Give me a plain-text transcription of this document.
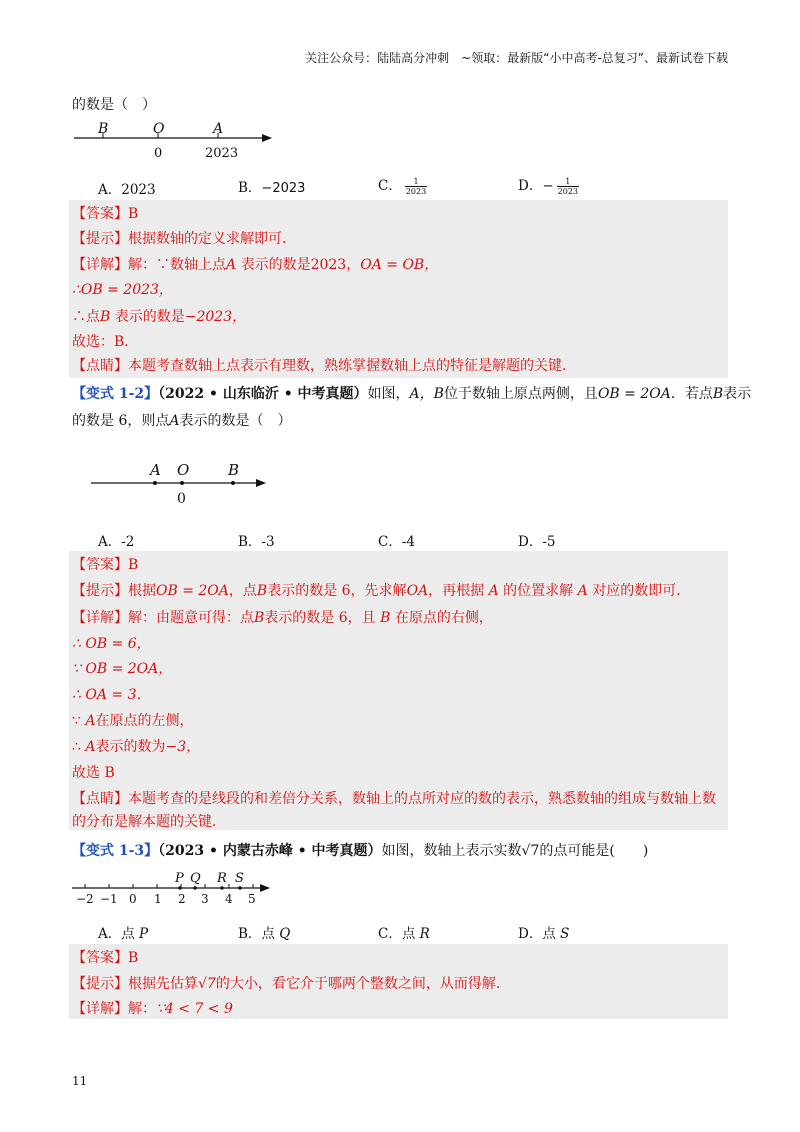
关注公众号：陆陆高分冲刺　~领取：最新版“小中高考-总复习”、最新试卷下载
的数是（　）
B	O	A
0	2023
A．2023	B．−2023	C． $\frac{1}{2023}$	D．− $\frac{1}{2023}$
【答案】B
【提示】根据数轴的定义求解即可.
【详解】解：∵数轴上点A 表示的数是2023，OA = OB，
∴OB = 2023，
∴点B 表示的数是−2023，
故选：B．
【点睛】本题考查数轴上点表示有理数，熟练掌握数轴上点的特征是解题的关键．
【变式 1-2】（2022 • 山东临沂 • 中考真题）如图，A，B位于数轴上原点两侧，且OB = 2OA．若点B表示
的数是 6，则点A表示的数是（　）
A O	B
0
A．-2	B．-3	C．-4	D．-5
【答案】B
【提示】根据OB = 2OA，点B表示的数是 6，先求解OA，再根据 A 的位置求解 A 对应的数即可.
【详解】解：由题意可得：点B表示的数是 6，且 B 在原点的右侧，
∴ OB = 6，
∵ OB = 2OA，
∴ OA = 3．
∵ A在原点的左侧，
∴ A表示的数为−3，
故选 B
【点睛】本题考查的是线段的和差倍分关系，数轴上的点所对应的数的表示，熟悉数轴的组成与数轴上数
的分布是解本题的关键．
【变式 1-3】（2023 • 内蒙古赤峰 • 中考真题）如图，数轴上表示实数√7的点可能是(　　)
P Q R S
−2 −1 0 1 2 3 4 5
A．点 P	B．点 Q	C．点 R	D．点 S
【答案】B
【提示】根据先估算√7的大小，看它介于哪两个整数之间，从而得解.
【详解】解：∵4 < 7 < 9
11
